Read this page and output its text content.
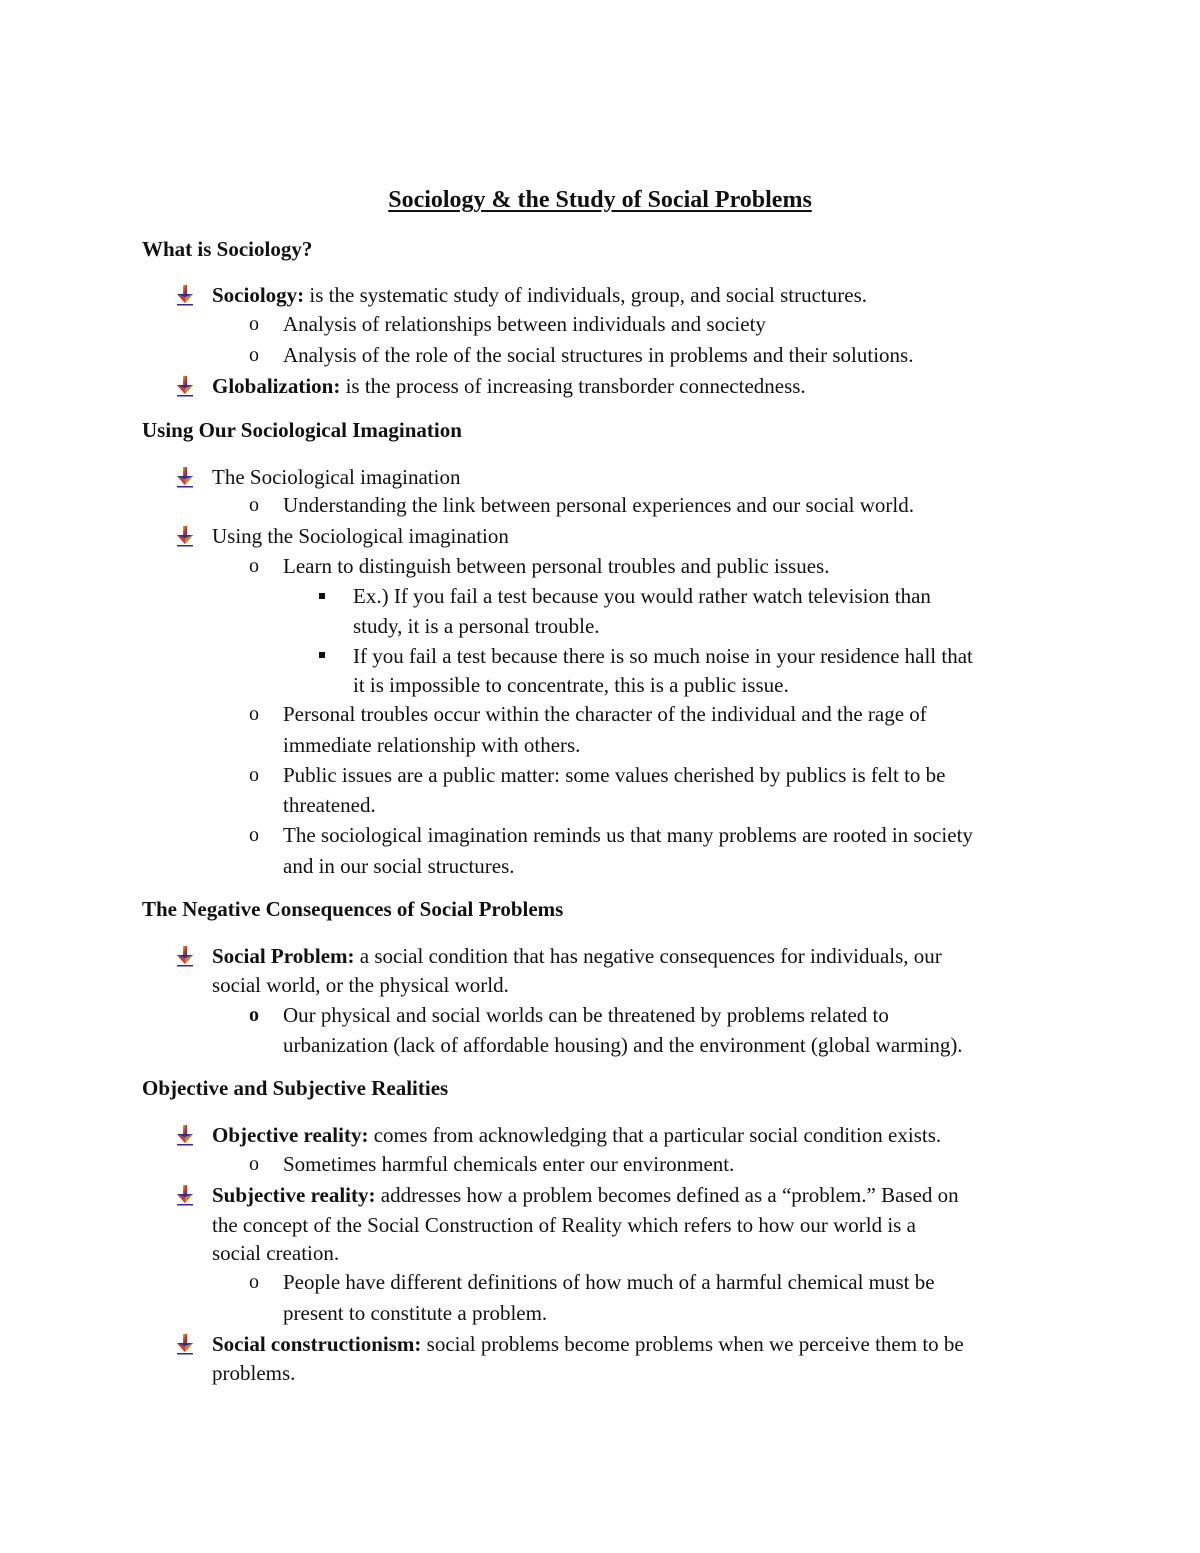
Sociology & the Study of Social Problems
What is Sociology?
Sociology: is the systematic study of individuals, group, and social structures.
o Analysis of relationships between individuals and society
o Analysis of the role of the social structures in problems and their solutions.
Globalization: is the process of increasing transborder connectedness.
Using Our Sociological Imagination
The Sociological imagination
o Understanding the link between personal experiences and our social world.
Using the Sociological imagination
o Learn to distinguish between personal troubles and public issues.
Ex.) If you fail a test because you would rather watch television than
study, it is a personal trouble.
If you fail a test because there is so much noise in your residence hall that
it is impossible to concentrate, this is a public issue.
o Personal troubles occur within the character of the individual and the rage of
immediate relationship with others.
o Public issues are a public matter: some values cherished by publics is felt to be
threatened.
o The sociological imagination reminds us that many problems are rooted in society
and in our social structures.
The Negative Consequences of Social Problems
Social Problem: a social condition that has negative consequences for individuals, our
social world, or the physical world.
o Our physical and social worlds can be threatened by problems related to
urbanization (lack of affordable housing) and the environment (global warming).
Objective and Subjective Realities
Objective reality: comes from acknowledging that a particular social condition exists.
o Sometimes harmful chemicals enter our environment.
Subjective reality: addresses how a problem becomes defined as a “problem.” Based on
the concept of the Social Construction of Reality which refers to how our world is a
social creation.
o People have different definitions of how much of a harmful chemical must be
present to constitute a problem.
Social constructionism: social problems become problems when we perceive them to be
problems.
